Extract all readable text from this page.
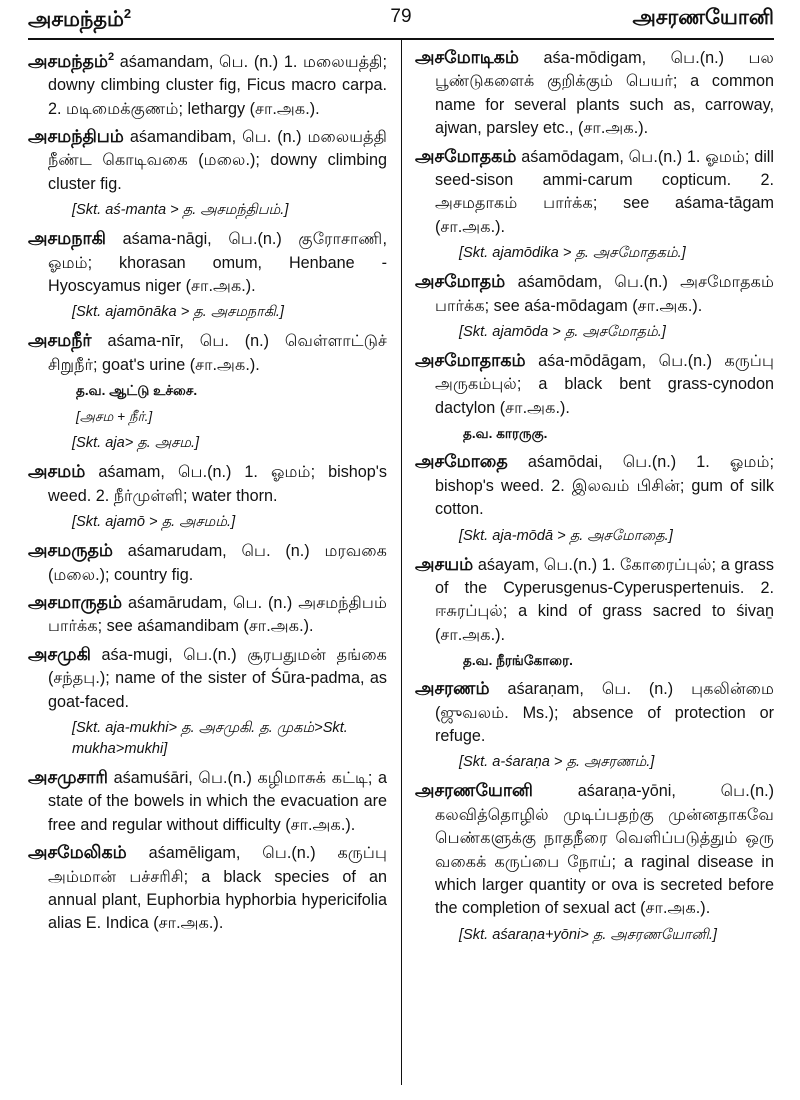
அசமந்தம்$^2$	79	அசரணயோனி
அசமந்தம்$^2$ aśamandam, பெ. (n.) 1. மலையத்தி; downy climbing cluster fig, Ficus macro carpa. 2. மடிமைக்குணம்; lethargy (சா.அக.).
அசமந்திபம் aśamandibam, பெ. (n.) மலையத்தி நீண்ட கொடிவகை (மலை.); downy climbing cluster fig.
[Skt. aś-manta > த. அசமந்திபம்.]
அசமநாகி aśama-nāgi, பெ.(n.) குரோசாணி, ஓமம்; khorasan omum, Henbane - Hyoscyamus niger (சா.அக.).
[Skt. ajamōnāka > த. அசமநாகி.]
அசமநீர் aśama-nīr, பெ. (n.) வெள்ளாட்டுச் சிறுநீர்; goat's urine (சா.அக.).
த.வ. ஆட்டு உச்சை.
[அசம + நீர்.]
[Skt. aja> த. அசம.]
அசமம் aśamam, பெ.(n.) 1. ஓமம்; bishop's weed. 2. நீர்முள்ளி; water thorn.
[Skt. ajamō > த. அசமம்.]
அசமருதம் aśamarudam, பெ. (n.) மரவகை (மலை.); country fig.
அசமாருதம் aśamārudam, பெ. (n.) அசமந்திபம் பார்க்க; see aśamandibam (சா.அக.).
அசமுகி aśa-mugi, பெ.(n.) சூரபதுமன் தங்கை (சந்தபு.); name of the sister of Śūra-padma, as goat-faced.
[Skt. aja-mukhi> த. அசமுகி. த. முகம்>Skt. mukha>mukhi]
அசமுசாரி aśamuśāri, பெ.(n.) கழிமாசுக் கட்டி; a state of the bowels in which the evacuation are free and regular without difficulty (சா.அக.).
அசமேலிகம் aśamēligam, பெ.(n.) கருப்பு அம்மான் பச்சரிசி; a black species of an annual plant, Euphorbia hyphorbia hypericifolia alias E. Indica (சா.அக.).
அசமோடிகம் aśa-mōdigam, பெ.(n.) பல பூண்டுகளைக் குறிக்கும் பெயர்; a common name for several plants such as, carroway, ajwan, parsley etc., (சா.அக.).
அசமோதகம் aśamōdagam, பெ.(n.) 1. ஓமம்; dill seed-sison ammi-carum copticum. 2. அசமதாகம் பார்க்க; see aśama-tāgam (சா.அக.).
[Skt. ajamōdika > த. அசமோதகம்.]
அசமோதம் aśamōdam, பெ.(n.) அசமோதகம் பார்க்க; see aśa-mōdagam (சா.அக.).
[Skt. ajamōda > த. அசமோதம்.]
அசமோதாகம் aśa-mōdāgam, பெ.(n.) கருப்பு அருகம்புல்; a black bent grass-cynodon dactylon (சா.அக.).
த.வ. காரருகு.
அசமோதை aśamōdai, பெ.(n.) 1. ஓமம்; bishop's weed. 2. இலவம் பிசின்; gum of silk cotton.
[Skt. aja-mōdā > த. அசமோதை.]
அசயம் aśayam, பெ.(n.) 1. கோரைப்புல்; a grass of the Cyperusgenus-Cyperuspertenuis. 2. ஈசுரப்புல்; a kind of grass sacred to śivaṉ (சா.அக.).
த.வ. நீரங்கோரை.
அசரணம் aśaraṇam, பெ. (n.) புகலின்மை (ஜுவலம். Ms.); absence of protection or refuge.
[Skt. a-śaraṇa > த. அசரணம்.]
அசரணயோனி aśaraṇa-yōni, பெ.(n.) கலவித்தொழில் முடிப்பதற்கு முன்னதாகவே பெண்களுக்கு நாதநீரை வெளிப்படுத்தும் ஒரு வகைக் கருப்பை நோய்; a raginal disease in which larger quantity or ova is secreted before the completion of sexual act (சா.அக.).
[Skt. aśaraṇa+yōni> த. அசரணயோனி.]
